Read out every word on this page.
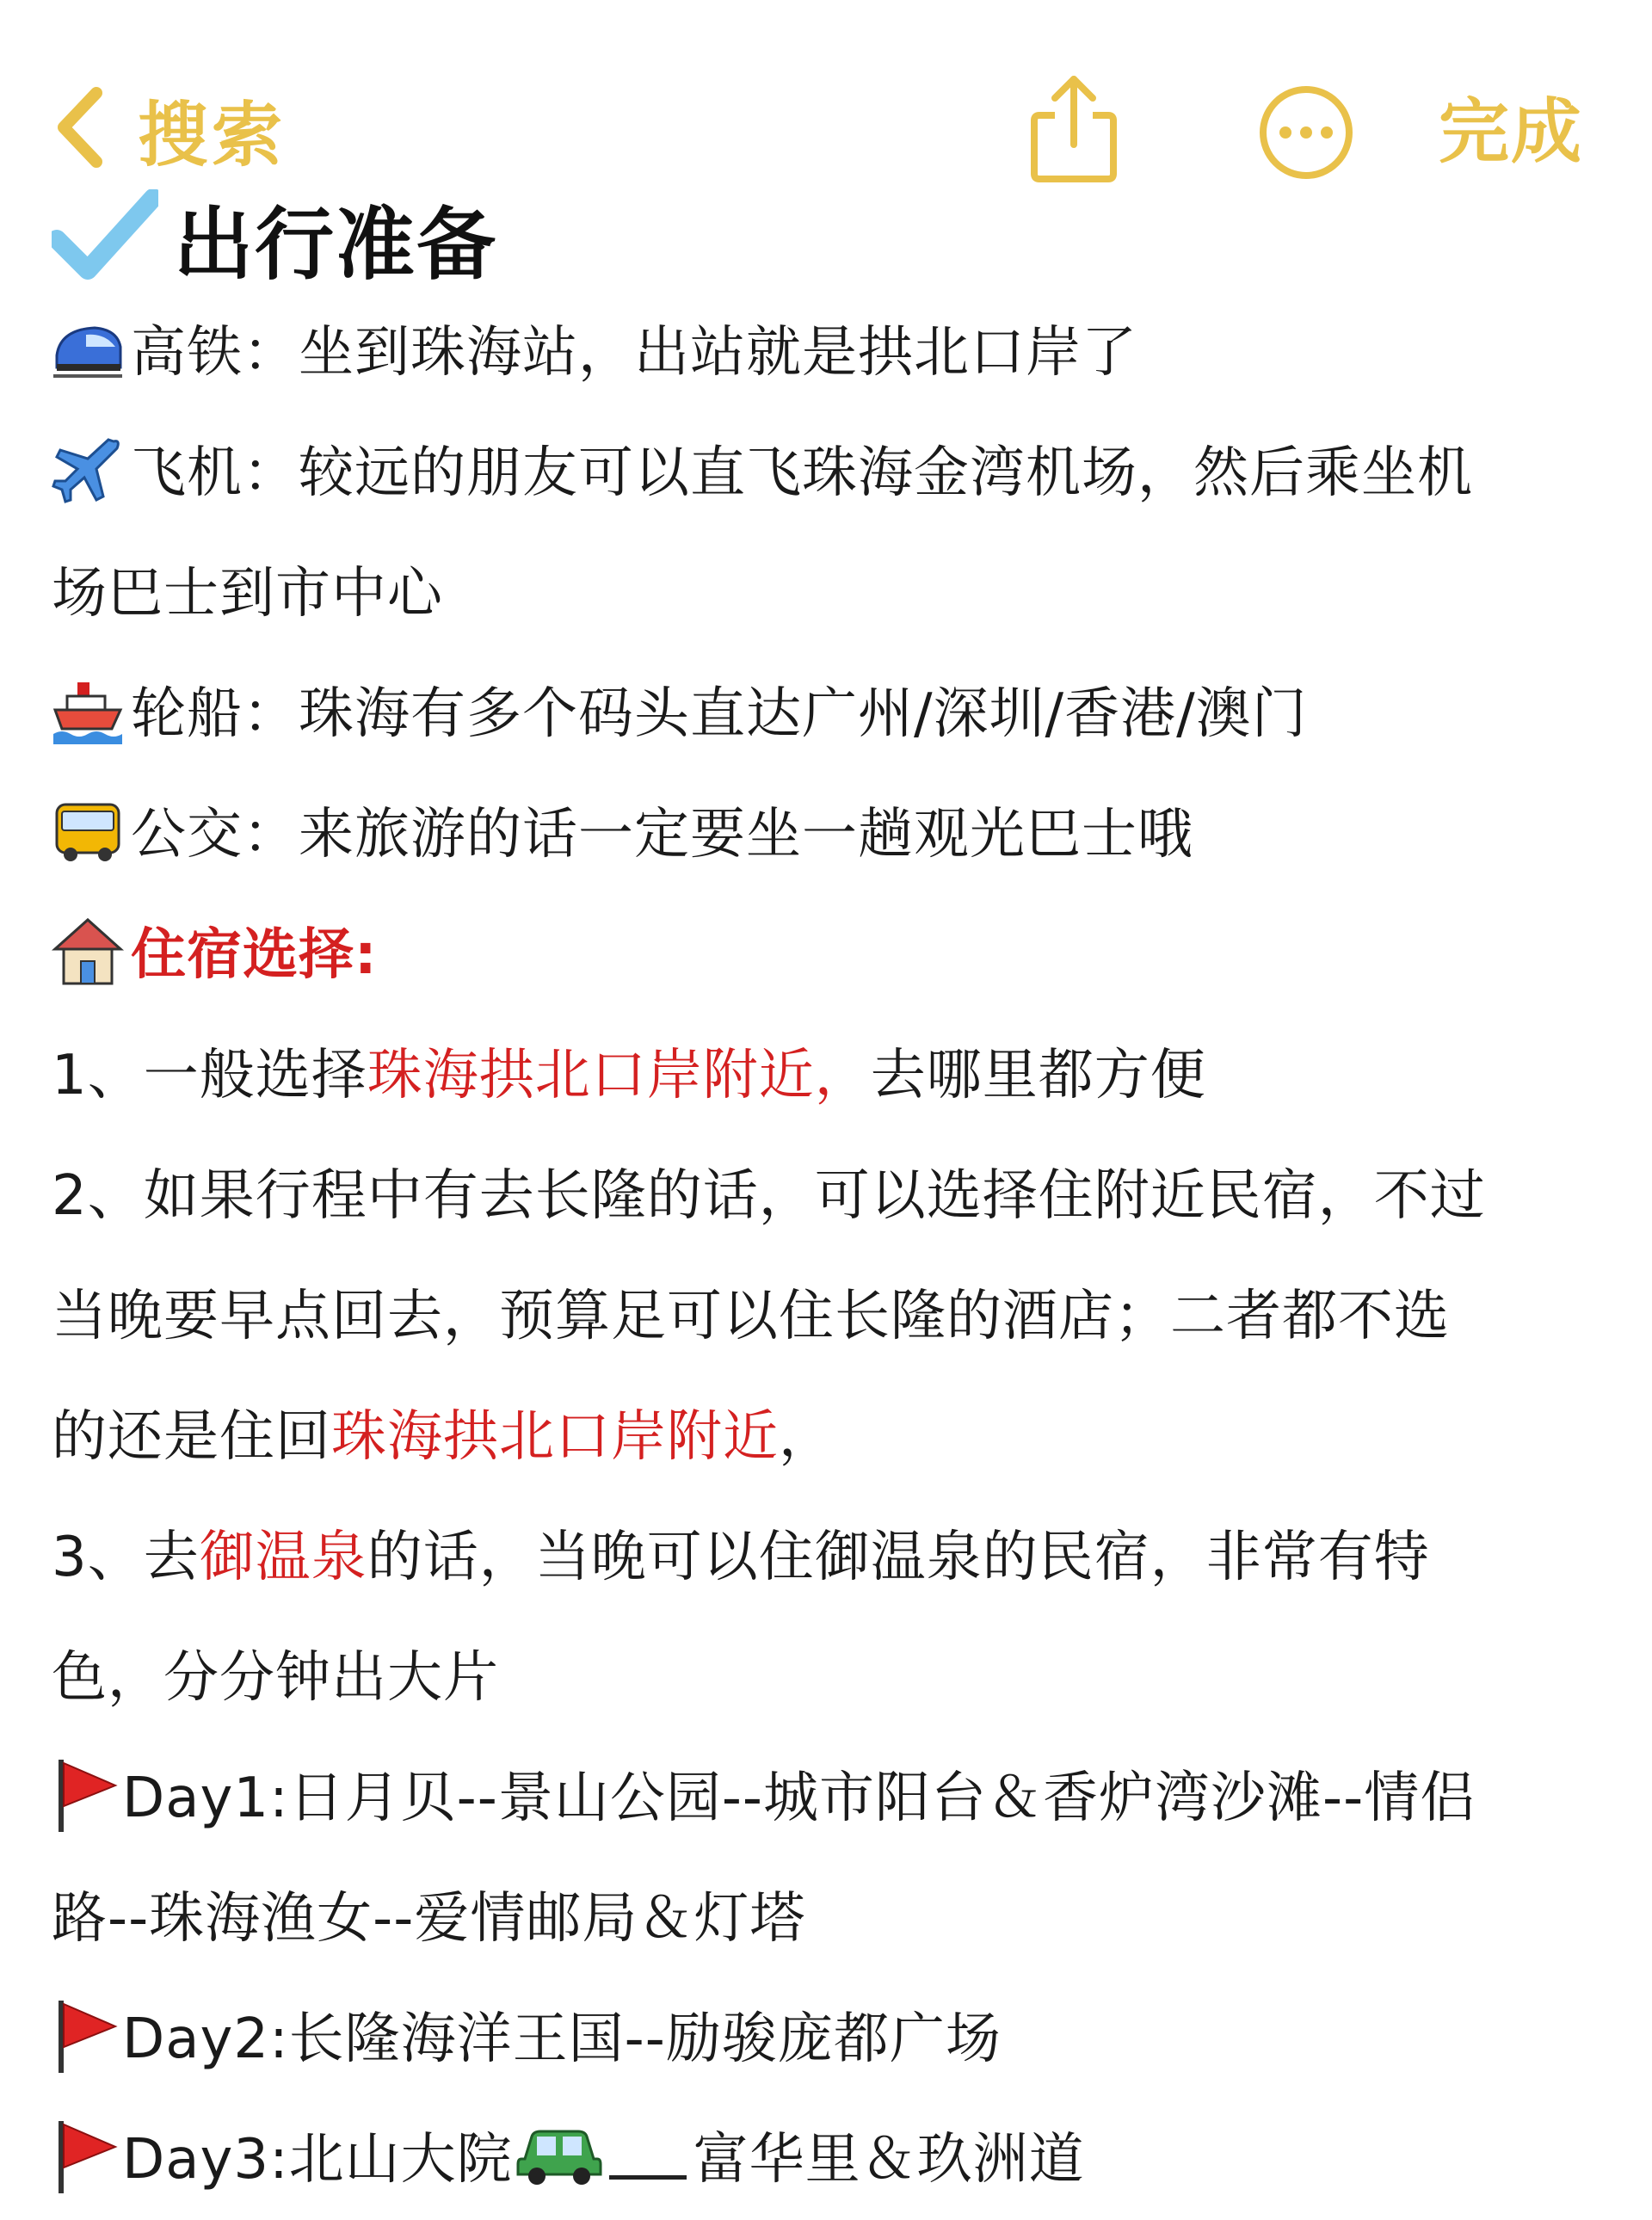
搜索	完成
出行准备
高铁：坐到珠海站，出站就是拱北口岸了
飞机：较远的朋友可以直飞珠海金湾机场，然后乘坐机
场巴士到市中心
轮船：珠海有多个码头直达广州/深圳/香港/澳门
公交：来旅游的话一定要坐一趟观光巴士哦
住宿选择:
1、一般选择珠海拱北口岸附近，去哪里都方便
2、如果行程中有去长隆的话，可以选择住附近民宿，不过
当晚要早点回去，预算足可以住长隆的酒店；二者都不选
的还是住回珠海拱北口岸附近，
3、去御温泉的话，当晚可以住御温泉的民宿，非常有特
色，分分钟出大片
Day1:日月贝--景山公园--城市阳台＆香炉湾沙滩--情侣
路--珠海渔女--爱情邮局＆灯塔
Day2:长隆海洋王国--励骏庞都广场
Day3:北山大院	富华里＆玖洲道
